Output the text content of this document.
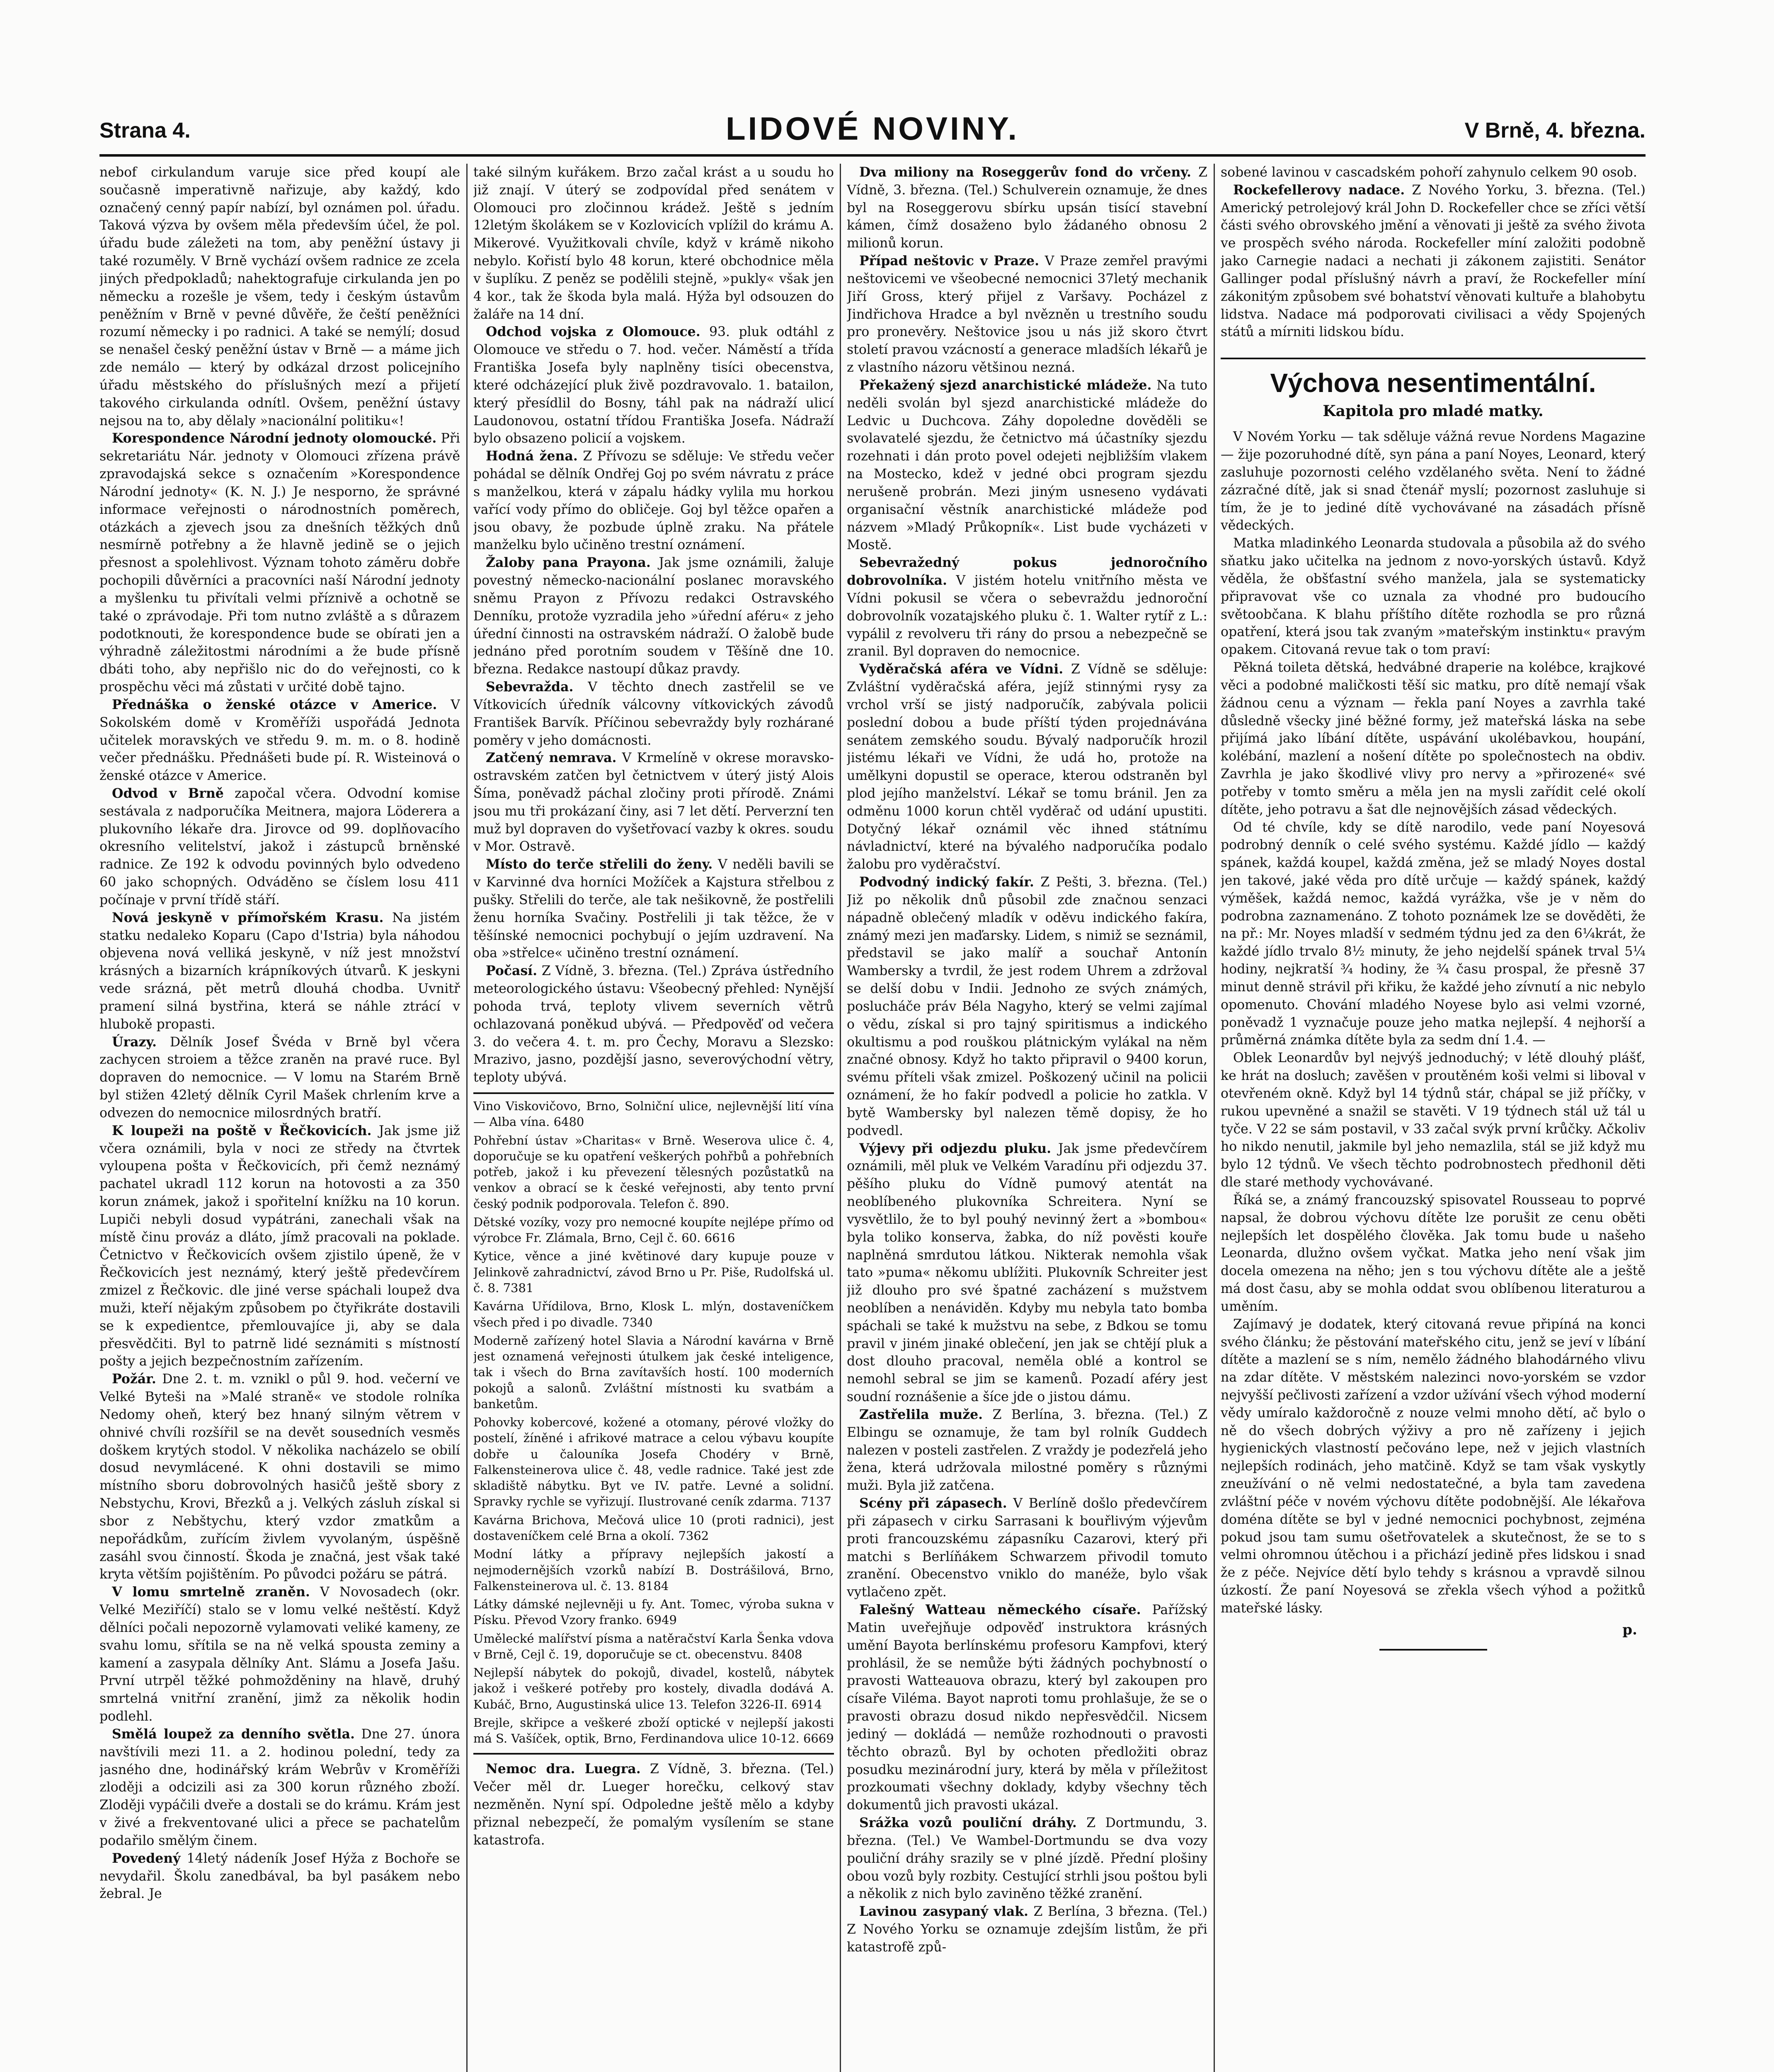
Strana 4.	LIDOVÉ NOVINY.	V Brně, 4. března.

nebof cirkulandum varuje sice před koupí ale současně imperativně nařizuje, aby každý, kdo označený cenný papír nabízí, byl oznámen pol. úřadu. Taková výzva by ovšem měla především účel, že pol. úřadu bude záležeti na tom, aby peněžní ústavy ji také rozuměly. V Brně vychází ovšem radnice ze zcela jiných předpokladů; nahektografuje cirkulanda jen po německu a rozešle je všem, tedy i českým ústavům peněžním v Brně v pevné důvěře, že čeští peněžníci rozumí německy i po radnici. A také se nemýlí; dosud se nenašel český peněžní ústav v Brně — a máme jich zde nemálo — který by odkázal drzost policejního úřadu městského do příslušných mezí a přijetí takového cirkulanda odnítl. Ovšem, peněžní ústavy nejsou na to, aby dělaly »nacionální politiku«!

Korespondence Národní jednoty olomoucké. Při sekretariátu Nár. jednoty v Olomouci zřízena právě zpravodajská sekce s označením »Korespondence Národní jednoty« (K. N. J.) Je nesporno, že správné informace veřejnosti o národnostních poměrech, otázkách a zjevech jsou za dnešních těžkých dnů nesmírně potřebny a že hlavně jedině se o jejich přesnost a spolehlivost. Význam tohoto záměru dobře pochopili důvěrníci a pracovníci naší Národní jednoty a myšlenku tu přivítali velmi příznivě a ochotně se také o zprávodaje. Při tom nutno zvláště a s důrazem podotknouti, že korespondence bude se obírati jen a výhradně záležitostmi národními a že bude přísně dbáti toho, aby nepřišlo nic do do veřejnosti, co k prospěchu věci má zůstati v určité době tajno.

Přednáška o ženské otázce v Americe. V Sokolském domě v Kroměříži uspořádá Jednota učitelek moravských ve středu 9. m. m. o 8. hodině večer přednášku. Přednášeti bude pí. R. Wisteinová o ženské otázce v Americe.

Odvod v Brně započal včera. Odvodní komise sestávala z nadporučíka Meitnera, majora Löderera a plukovního lékaře dra. Jirovce od 99. doplňovacího okresního velitelství, jakož i zástupců brněnské radnice. Ze 192 k odvodu povinných bylo odvedeno 60 jako schopných. Odváděno se číslem losu 411 počínaje v první třídě stáří.

Nová jeskyně v přímořském Krasu. Na jistém statku nedaleko Koparu (Capo d'Istria) byla náhodou objevena nová velliká jeskyně, v níž jest množství krásných a bizarních krápníkových útvarů. K jeskyni vede srázná, pět metrů dlouhá chodba. Uvnitř pramení silná bystřina, která se náhle ztrácí v hlubokě propasti.

Úrazy. Dělník Josef Švéda v Brně byl včera zachycen stroiem a těžce zraněn na pravé ruce. Byl dopraven do nemocnice. — V lomu na Starém Brně byl stižen 42letý dělník Cyril Mašek chrlením krve a odvezen do nemocnice milosrdných bratří.

K loupeži na poště v Řečkovicích. Jak jsme již včera oznámili, byla v noci ze středy na čtvrtek vyloupena pošta v Řečkovicích, při čemž neznámý pachatel ukradl 112 korun na hotovosti a za 350 korun známek, jakož i spořitelní knížku na 10 korun. Lupiči nebyli dosud vypátráni, zanechali však na místě činu prováz a dláto, jímž pracovali na poklade. Četnictvo v Řečkovicích ovšem zjistilo úpeně, že v Řečkovicích jest neznámý, který ještě předevčírem zmizel z Řečkovic. dle jiné verse spáchali loupež dva muži, kteří nějakým způsobem po čtyřikráte dostavili se k expedientce, přemlouvajíce ji, aby se dala přesvědčiti. Byl to patrně lidé seznámiti s místností pošty a jejich bezpečnostním zařízením.

Požár. Dne 2. t. m. vznikl o půl 9. hod. večerní ve Velké Byteši na »Malé straně« ve stodole rolníka Nedomy oheň, který bez hnaný silným větrem v ohnivé chvíli rozšířil se na devět sousedních vesměs doškem krytých stodol. V několika nacházelo se obilí dosud nevymlácené. K ohni dostavili se mimo místního sboru dobrovolných hasičů ještě sbory z Nebstychu, Krovi, Březků a j. Velkých zásluh získal si sbor z Nebštychu, který vzdor zmatkům a nepořádkům, zuřícím živlem vyvolaným, úspěšně zasáhl svou činností. Škoda je značná, jest však také kryta větším pojištěním. Po původci požáru se pátrá.

V lomu smrtelně zraněn. V Novosadech (okr. Velké Meziříčí) stalo se v lomu velké neštěstí. Když dělníci počali nepozorně vylamovati veliké kameny, ze svahu lomu, sřítila se na ně velká spousta zeminy a kamení a zasypala dělníky Ant. Slámu a Josefa Jašu. První utrpěl těžké pohmožděniny na hlavě, druhý smrtelná vnitřní zranění, jimž za několik hodin podlehl.

Smělá loupež za denního světla. Dne 27. února navštívili mezi 11. a 2. hodinou polední, tedy za jasného dne, hodinářský krám Webrův v Kroměříži zloději a odcizili asi za 300 korun různého zboží. Zloději vypáčili dveře a dostali se do krámu. Krám jest v živé a frekventované ulici a přece se pachatelům podařilo smělým činem.

Povedený 14letý nádeník Josef Hýža z Bochoře se nevydařil. Školu zanedbával, ba byl pasákem nebo žebral. Je

také silným kuřákem. Brzo začal krást a u soudu ho již znají. V úterý se zodpovídal před senátem v Olomouci pro zločinnou krádež. Ještě s jedním 12letým školákem se v Kozlovicích vplížil do krámu A. Mikerové. Využitkovali chvíle, když v krámě nikoho nebylo. Kořistí bylo 48 korun, které obchodnice měla v šuplíku. Z peněz se podělili stejně, »pukly« však jen 4 kor., tak že škoda byla malá. Hýža byl odsouzen do žaláře na 14 dní.

Odchod vojska z Olomouce. 93. pluk odtáhl z Olomouce ve středu o 7. hod. večer. Náměstí a třída Františka Josefa byly naplněny tisíci obecenstva, které odcházející pluk živě pozdravovalo. 1. batailon, který přesídlil do Bosny, táhl pak na nádraží ulicí Laudonovou, ostatní třídou Františka Josefa. Nádraží bylo obsazeno policií a vojskem.

Hodná žena. Z Přívozu se sděluje: Ve středu večer pohádal se dělník Ondřej Goj po svém návratu z práce s manželkou, která v zápalu hádky vylila mu horkou vařící vody přímo do obličeje. Goj byl těžce opařen a jsou obavy, že pozbude úplně zraku. Na přátele manželku bylo učiněno trestní oznámení.

Žaloby pana Prayona. Jak jsme oznámili, žaluje povestný německo-nacionální poslanec moravského sněmu Prayon z Přívozu redakci Ostravského Denníku, protože vyzradila jeho »úřední aféru« z jeho úřední činnosti na ostravském nádraží. O žalobě bude jednáno před porotním soudem v Těšíně dne 10. března. Redakce nastoupí důkaz pravdy.

Sebevražda. V těchto dnech zastřelil se ve Vítkovicích úředník válcovny vítkovických závodů František Barvík. Příčinou sebevraždy byly rozhárané poměry v jeho domácnosti.

Zatčený nemrava. V Krmelíně v okrese moravsko-ostravském zatčen byl četnictvem v úterý jistý Alois Šíma, poněvadž páchal zločiny proti přírodě. Známi jsou mu tři prokázaní činy, asi 7 let dětí. Perverzní ten muž byl dopraven do vyšetřovací vazby k okres. soudu v Mor. Ostravě.

Místo do terče střelili do ženy. V neděli bavili se v Karvinné dva horníci Možíček a Kajstura střelbou z pušky. Střelili do terče, ale tak nešikovně, že postřelili ženu horníka Svačiny. Postřelili ji tak těžce, že v těšínské nemocnici pochybují o jejím uzdravení. Na oba »střelce« učiněno trestní oznámení.

Počasí. Z Vídně, 3. března. (Tel.) Zpráva ústředního meteorologického ústavu: Všeobecný přehled: Nynější pohoda trvá, teploty vlivem severních větrů ochlazovaná poněkud ubývá. — Předpověď od večera 3. do večera 4. t. m. pro Čechy, Moravu a Slezsko: Mrazivo, jasno, pozdější jasno, severovýchodní větry, teploty ubývá.

Vino Viskovičovo, Brno, Solniční ulice, nejlevnější lití vína — Alba vína. 6480

Pohřební ústav »Charitas« v Brně. Weserova ulice č. 4, doporučuje se ku opatření veškerých pohřbů a pohřebních potřeb, jakož i ku převezení tělesných pozůstatků na venkov a obrací se k české veřejnosti, aby tento první český podnik podporovala. Telefon č. 890.

Dětské vozíky, vozy pro nemocné koupíte nejlépe přímo od výrobce Fr. Zlámala, Brno, Cejl č. 60. 6616

Kytice, věnce a jiné květinové dary kupuje pouze v Jelinkově zahradnictví, závod Brno u Pr. Piše, Rudolfská ul. č. 8. 7381

Kavárna Uřídilova, Brno, Klosk L. mlýn, dostaveníčkem všech před i po divadle. 7340

Moderně zařízený hotel Slavia a Národní kavárna v Brně jest oznamená veřejnosti útulkem jak české inteligence, tak i všech do Brna zavítavších hostí. 100 moderních pokojů a salonů. Zvláštní místnosti ku svatbám a banketům.

Pohovky kobercové, kožené a otomany, pérové vložky do postelí, žíněné i afrikové matrace a celou výbavu koupíte dobře u čalouníka Josefa Chodéry v Brně, Falkensteinerova ulice č. 48, vedle radnice. Také jest zde skladiště nábytku. Byt ve IV. patře. Levné a solidní. Spravky rychle se vyřizují. Ilustrované ceník zdarma. 7137

Kavárna Brichova, Mečová ulice 10 (proti radnici), jest dostaveníčkem celé Brna a okolí. 7362

Modní látky a přípravy nejlepších jakostí a nejmodernějších vzorků nabízí B. Dostrášilová, Brno, Falkensteinerova ul. č. 13. 8184

Látky dámské nejlevněji u fy. Ant. Tomec, výroba sukna v Písku. Převod Vzory franko. 6949

Umělecké malířství písma a natěračství Karla Šenka vdova v Brně, Cejl č. 19, doporučuje se ct. obecenstvu. 8408

Nejlepší nábytek do pokojů, divadel, kostelů, nábytek jakož i veškeré potřeby pro kostely, divadla dodává A. Kubáč, Brno, Augustinská ulice 13. Telefon 3226-II. 6914

Brejle, skřipce a veškeré zboží optické v nejlepší jakosti má S. Vašíček, optik, Brno, Ferdinandova ulice 10-12. 6669

Nemoc dra. Luegra. Z Vídně, 3. března. (Tel.) Večer měl dr. Lueger horečku, celkový stav nezměněn. Nyní spí. Odpoledne ještě mělo a kdyby přiznal nebezpečí, že pomalým vysílením se stane katastrofa.

Dva miliony na Roseggerův fond do vrčeny. Z Vídně, 3. března. (Tel.) Schulverein oznamuje, že dnes byl na Roseggerovu sbírku upsán tisící stavební kámen, čímž dosaženo bylo žádaného obnosu 2 milionů korun.

Případ neštovic v Praze. V Praze zemřel pravými neštovicemi ve všeobecné nemocnici 37letý mechanik Jiří Gross, který přijel z Varšavy. Pocházel z Jindřichova Hradce a byl nvězněn u trestního soudu pro pronevěry. Neštovice jsou u nás již skoro čtvrt století pravou vzácností a generace mladších lékařů je z vlastního názoru většinou nezná.

Překažený sjezd anarchistické mládeže. Na tuto neděli svolán byl sjezd anarchistické mládeže do Ledvic u Duchcova. Záhy dopoledne dověděli se svolavatelé sjezdu, že četnictvo má účastníky sjezdu rozehnati i dán proto povel odejeti nejbližším vlakem na Mostecko, kdež v jedné obci program sjezdu nerušeně probrán. Mezi jiným usneseno vydávati organisační věstník anarchistické mládeže pod názvem »Mladý Průkopník«. List bude vycházeti v Mostě.

Sebevražedný pokus jednoročního dobrovolníka. V jistém hotelu vnitřního města ve Vídni pokusil se včera o sebevraždu jednoroční dobrovolník vozatajského pluku č. 1. Walter rytíř z L.: vypálil z revolveru tři rány do prsou a nebezpečně se zranil. Byl dopraven do nemocnice.

Vyděračská aféra ve Vídni. Z Vídně se sděluje: Zvláštní vyděračská aféra, jejíž stinnými rysy za vrchol vrší se jistý nadporučík, zabývala policii poslední dobou a bude příští týden projednávána senátem zemského soudu. Bývalý nadporučík hrozil jistému lékaři ve Vídni, že udá ho, protože na umělkyni dopustil se operace, kterou odstraněn byl plod jejího manželství. Lékař se tomu bránil. Jen za odměnu 1000 korun chtěl vyděrač od udání upustiti. Dotyčný lékař oznámil věc ihned státnímu návladnictví, které na bývalého nadporučíka podalo žalobu pro vyděračství.

Podvodný indický fakír. Z Pešti, 3. března. (Tel.) Již po několik dnů působil zde značnou senzaci nápadně oblečený mladík v oděvu indického fakíra, známý mezi jen maďarsky. Lidem, s nimiž se seznámil, představil se jako malíř a souchař Antonín Wambersky a tvrdil, že jest rodem Uhrem a zdržoval se delší dobu v Indii. Jednoho ze svých známých, poslucháče práv Béla Nagyho, který se velmi zajímal o vědu, získal si pro tajný spiritismus a indického okultismu a pod rouškou plátnickým vylákal na něm značné obnosy. Když ho takto připravil o 9400 korun, svému příteli však zmizel. Poškozený učinil na policii oznámení, že ho fakír podvedl a policie ho zatkla. V bytě Wambersky byl nalezen těmě dopisy, že ho podvedl.

Výjevy při odjezdu pluku. Jak jsme předevčírem oznámili, měl pluk ve Velkém Varadínu při odjezdu 37. pěšího pluku do Vídně pumový atentát na neoblíbeného plukovníka Schreitera. Nyní se vysvětlilo, že to byl pouhý nevinný žert a »bombou« byla toliko konserva, žabka, do níž pověsti kouře naplněná smrdutou látkou. Nikterak nemohla však tato »puma« někomu ublížiti. Plukovník Schreiter jest již dlouho pro své špatné zacházení s mužstvem neoblíben a nenáviděn. Kdyby mu nebyla tato bomba spáchali se také k mužstvu na sebe, z Bdkou se tomu pravil v jiném jinaké oblečení, jen jak se chtějí pluk a dost dlouho pracoval, neměla oblé a kontrol se nemohl sebral se jim se kamenů. Pozadí aféry jest soudní roznášenie a šíce jde o jistou dámu.

Zastřelila muže. Z Berlína, 3. března. (Tel.) Z Elbingu se oznamuje, že tam byl rolník Guddech nalezen v posteli zastřelen. Z vraždy je podezřelá jeho žena, která udržovala milostné poměry s různými muži. Byla již zatčena.

Scény při zápasech. V Berlíně došlo předevčírem při zápasech v cirku Sarrasani k bouřlivým výjevům proti francouzskému zápasníku Cazarovi, který při matchi s Berlíňákem Schwarzem přivodil tomuto zranění. Obecenstvo vniklo do manéže, bylo však vytlačeno zpět.

Falešný Watteau německého císaře. Pařížský Matin uveřejňuje odpověď instruktora krásných umění Bayota berlínskému profesoru Kampfovi, který prohlásil, že se nemůže býti žádných pochybností o pravosti Watteauova obrazu, který byl zakoupen pro císaře Viléma. Bayot naproti tomu prohlašuje, že se o pravosti obrazu dosud nikdo nepřesvědčil. Nicsem jediný — dokládá — nemůže rozhodnouti o pravosti těchto obrazů. Byl by ochoten předložiti obraz posudku mezinárodní jury, která by měla v příležitost prozkoumati všechny doklady, kdyby všechny těch dokumentů jich pravosti ukázal.

Srážka vozů pouliční dráhy. Z Dortmundu, 3. března. (Tel.) Ve Wambel-Dortmundu se dva vozy pouliční dráhy srazily se v plné jízdě. Přední plošiny obou vozů byly rozbity. Cestující strhli jsou poštou byli a několik z nich bylo zaviněno těžké zranění.

Lavinou zasypaný vlak. Z Berlína, 3 března. (Tel.) Z Nového Yorku se oznamuje zdejším listům, že při katastrofě způ-

sobené lavinou v cascadském pohoří zahynulo celkem 90 osob.

Rockefellerovy nadace. Z Nového Yorku, 3. března. (Tel.) Americký petrolejový král John D. Rockefeller chce se zříci větší části svého obrovského jmění a věnovati ji ještě za svého života ve prospěch svého národa. Rockefeller míní založiti podobně jako Carnegie nadaci a nechati ji zákonem zajistiti. Senátor Gallinger podal příslušný návrh a praví, že Rockefeller míní zákonitým způsobem své bohatství věnovati kultuře a blahobytu lidstva. Nadace má podporovati civilisaci a vědy Spojených států a mírniti lidskou bídu.

Výchova nesentimentální.
Kapitola pro mladé matky.

V Novém Yorku — tak sděluje vážná revue Nordens Magazine — žije pozoruhodné dítě, syn pána a paní Noyes, Leonard, který zasluhuje pozornosti celého vzdělaného světa. Není to žádné zázračné dítě, jak si snad čtenář myslí; pozornost zasluhuje si tím, že je to jediné dítě vychovávané na zásadách přísně vědeckých.

Matka mladinkého Leonarda studovala a působila až do svého sňatku jako učitelka na jednom z novo-yorských ústavů. Když věděla, že obšťastní svého manžela, jala se systematicky připravovat vše co uznala za vhodné pro budoucího světoobčana. K blahu příštího dítěte rozhodla se pro různá opatření, která jsou tak zvaným »mateřským instinktu« pravým opakem. Citovaná revue tak o tom praví:

Pěkná toileta dětská, hedvábné draperie na kolébce, krajkové věci a podobné maličkosti těší sic matku, pro dítě nemají však žádnou cenu a význam — řekla paní Noyes a zavrhla také důsledně všecky jiné běžné formy, jež mateřská láska na sebe přijímá jako líbání dítěte, uspávání ukolébavkou, houpání, kolébání, mazlení a nošení dítěte po společnostech na obdiv. Zavrhla je jako škodlivé vlivy pro nervy a »přirozené« své potřeby v tomto směru a měla jen na mysli zařídit celé okolí dítěte, jeho potravu a šat dle nejnovějších zásad vědeckých.

Od té chvíle, kdy se dítě narodilo, vede paní Noyesová podrobný denník o celé svého systému. Každé jídlo — každý spánek, každá koupel, každá změna, jež se mladý Noyes dostal jen takové, jaké věda pro dítě určuje — každý spánek, každý výměšek, každá nemoc, každá vyrážka, vše je v něm do podrobna zaznamenáno. Z tohoto poznámek lze se dověděti, že na př.: Mr. Noyes mladší v sedmém týdnu jed za den 6¼krát, že každé jídlo trvalo 8½ minuty, že jeho nejdelší spánek trval 5¼ hodiny, nejkratší ¾ hodiny, že ¾ času prospal, že přesně 37 minut denně strávil při křiku, že každé jeho zívnutí a nic nebylo opomenuto. Chování mladého Noyese bylo asi velmi vzorné, poněvadž 1 vyznačuje pouze jeho matka nejlepší. 4 nejhorší a průměrná známka dítěte byla za sedm dní 1.4. —

Oblek Leonardův byl nejvýš jednoduchý; v létě dlouhý plášť, ke hrát na dosluch; zavěšen v proutěném koši velmi si liboval v otevřeném okně. Když byl 14 týdnů stár, chápal se již příčky, v rukou upevněné a snažil se stavěti. V 19 týdnech stál už tál u tyče. V 22 se sám postavil, v 33 začal svýk první krůčky. Ačkoliv ho nikdo nenutil, jakmile byl jeho nemazlila, stál se již když mu bylo 12 týdnů. Ve všech těchto podrobnostech předhonil děti dle staré methody vychovávané.

Říká se, a známý francouzský spisovatel Rousseau to poprvé napsal, že dobrou výchovu dítěte lze porušit ze cenu oběti nejlepších let dospělého člověka. Jak tomu bude u našeho Leonarda, dlužno ovšem vyčkat. Matka jeho není však jim docela omezena na něho; jen s tou výchovu dítěte ale a ještě má dost času, aby se mohla oddat svou oblíbenou literaturou a uměním.

Zajímavý je dodatek, který citovaná revue připíná na konci svého článku; že pěstování mateřského citu, jenž se jeví v líbání dítěte a mazlení se s ním, nemělo žádného blahodárného vlivu na zdar dítěte. V městském nalezinci novo-yorském se vzdor nejvyšší pečlivosti zařízení a vzdor užívání všech výhod moderní vědy umíralo každoročně z nouze velmi mnoho dětí, ač bylo o ně do všech dobrých výživy a pro ně zařízeny i jejich hygienických vlastností pečováno lepe, než v jejich vlastních nejlepších rodinách, jeho matčině. Když se tam však vyskytly zneužívání o ně velmi nedostatečné, a byla tam zavedena zvláštní péče v novém výchovu dítěte podobnější. Ale lékařova doména dítěte se byl v jedné nemocnici pochybnost, zejména pokud jsou tam sumu ošetřovatelek a skutečnost, že se to s velmi ohromnou útěchou i a přichází jedině přes lidskou i snad že z péče. Nejvíce dětí bylo tehdy s krásnou a vpravdě silnou úzkostí. Že paní Noyesová se zřekla všech výhod a požitků mateřské lásky.

p.
